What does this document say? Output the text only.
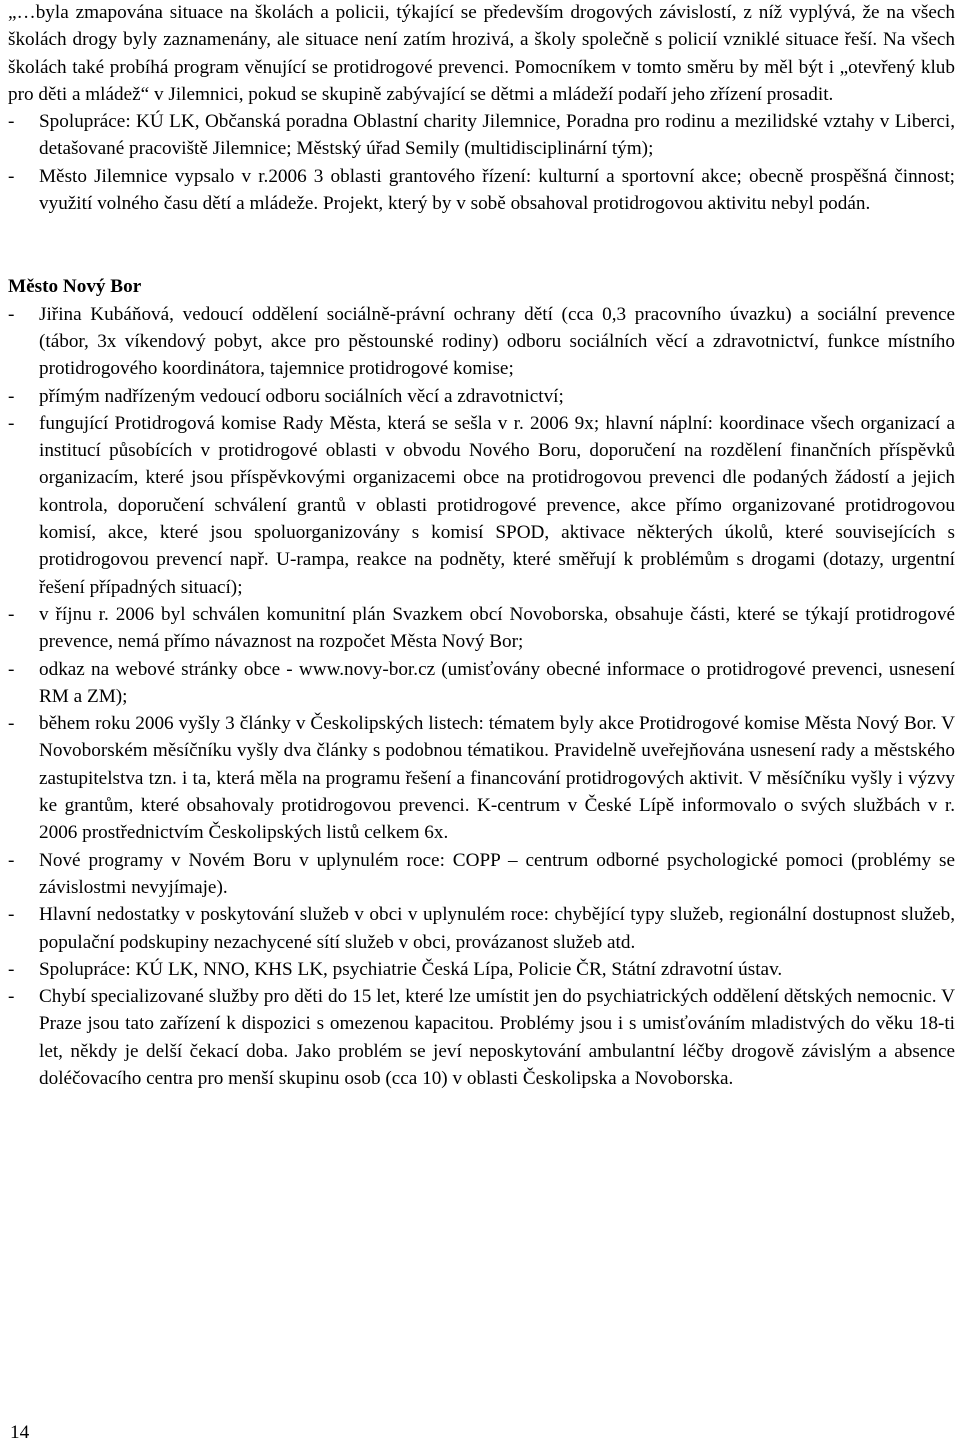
„…byla zmapována situace na školách a policii, týkající se především drogových závislostí, z níž vyplývá, že na všech školách drogy byly zaznamenány, ale situace není zatím hrozivá, a školy společně s policií vzniklé situace řeší. Na všech školách také probíhá program věnující se protidrogové prevenci. Pomocníkem v tomto směru by měl být i „otevřený klub pro děti a mládež“ v Jilemnici, pokud se skupině zabývající se dětmi a mládeží podaří jeho zřízení prosadit.

- Spolupráce: KÚ LK, Občanská poradna Oblastní charity Jilemnice, Poradna pro rodinu a mezilidské vztahy v Liberci, detašované pracoviště Jilemnice; Městský úřad Semily (multidisciplinární tým);
- Město Jilemnice vypsalo v r.2006 3 oblasti grantového řízení: kulturní a sportovní akce; obecně prospěšná činnost; využití volného času dětí a mládeže. Projekt, který by v sobě obsahoval protidrogovou aktivitu nebyl podán.

Město Nový Bor

- Jiřina Kubáňová, vedoucí oddělení sociálně-právní ochrany dětí (cca 0,3 pracovního úvazku) a sociální prevence (tábor, 3x víkendový pobyt, akce pro pěstounské rodiny) odboru sociálních věcí a zdravotnictví, funkce místního protidrogového koordinátora, tajemnice protidrogové komise;
- přímým nadřízeným vedoucí odboru sociálních věcí a zdravotnictví;
- fungující Protidrogová komise Rady Města, která se sešla v r. 2006 9x; hlavní náplní: koordinace všech organizací a institucí působících v protidrogové oblasti v obvodu Nového Boru, doporučení na rozdělení finančních příspěvků organizacím, které jsou příspěvkovými organizacemi obce na protidrogovou prevenci dle podaných žádostí a jejich kontrola, doporučení schválení grantů v oblasti protidrogové prevence, akce přímo organizované protidrogovou komisí, akce, které jsou spoluorganizovány s komisí SPOD, aktivace některých úkolů, které souvisejících s protidrogovou prevencí např. U-rampa, reakce na podněty, které směřují k problémům s drogami (dotazy, urgentní řešení případných situací);
- v říjnu r. 2006 byl schválen komunitní plán Svazkem obcí Novoborska, obsahuje části, které se týkají protidrogové prevence, nemá přímo návaznost na rozpočet Města Nový Bor;
- odkaz na webové stránky obce - www.novy-bor.cz (umisťovány obecné informace o protidrogové prevenci, usnesení RM a ZM);
- během roku 2006 vyšly 3 články v Českolipských listech: tématem byly akce Protidrogové komise Města Nový Bor. V Novoborském měsíčníku vyšly dva články s podobnou tématikou. Pravidelně uveřejňována usnesení rady a městského zastupitelstva tzn. i ta, která měla na programu řešení a financování protidrogových aktivit. V měsíčníku vyšly i výzvy ke grantům, které obsahovaly protidrogovou prevenci. K-centrum v České Lípě informovalo o svých službách v r. 2006 prostřednictvím Českolipských listů celkem 6x.
- Nové programy v Novém Boru v uplynulém roce: COPP – centrum odborné psychologické pomoci (problémy se závislostmi nevyjímaje).
- Hlavní nedostatky v poskytování služeb v obci v uplynulém roce: chybějící typy služeb, regionální dostupnost služeb, populační podskupiny nezachycené sítí služeb v obci, provázanost služeb atd.
- Spolupráce: KÚ LK, NNO, KHS LK, psychiatrie Česká Lípa, Policie ČR, Státní zdravotní ústav.
- Chybí specializované služby pro děti do 15 let, které lze umístit jen do psychiatrických oddělení dětských nemocnic. V Praze jsou tato zařízení k dispozici s omezenou kapacitou. Problémy jsou i s umisťováním mladistvých do věku 18-ti let, někdy je delší čekací doba. Jako problém se jeví neposkytování ambulantní léčby drogově závislým a absence doléčovacího centra pro menší skupinu osob (cca 10) v oblasti Českolipska a Novoborska.
14
